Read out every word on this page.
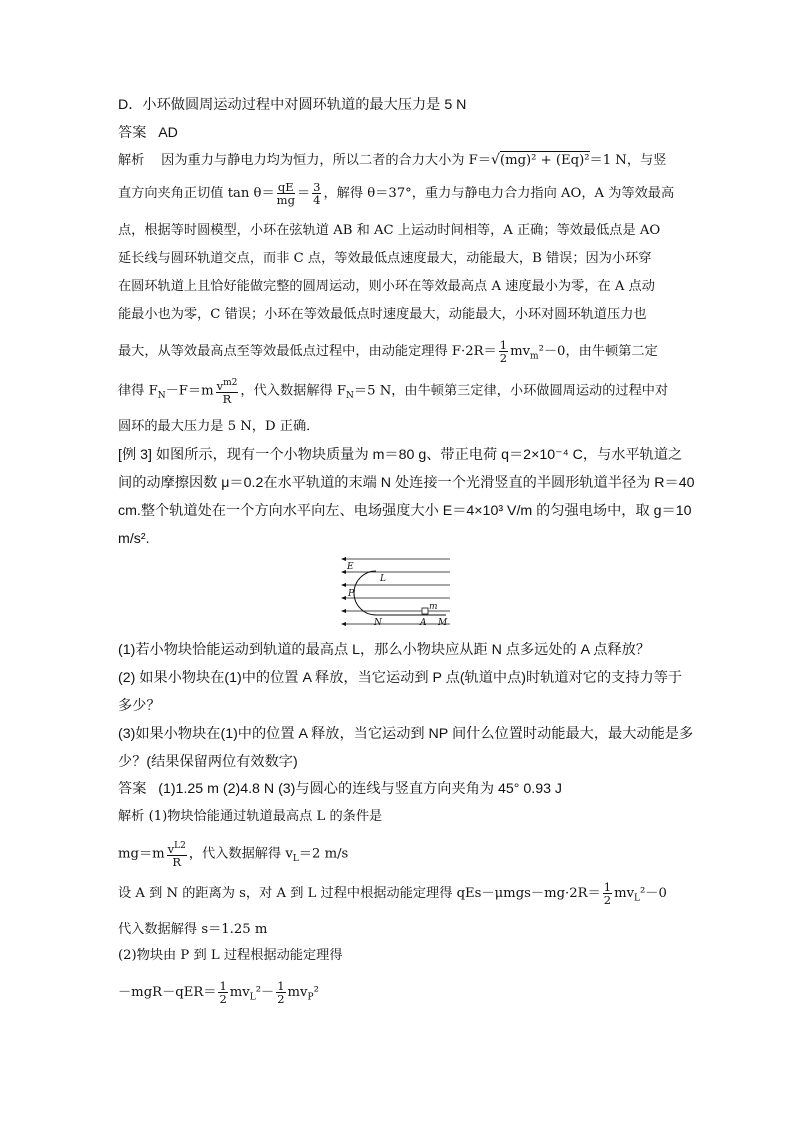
D．小环做圆周运动过程中对圆环轨道的最大压力是 5 N
答案 AD
解析 因为重力与静电力均为恒力，所以二者的合力大小为 F＝√(mg)² + (Eq)²＝1 N，与竖
直方向夹角正切值 $\tan \theta= \frac{qE}{mg} = \frac{3}{4}$ ，解得 θ＝37°，重力与静电力合力指向 AO，A 为等效最高
点，根据等时圆模型，小环在弦轨道 AB 和 AC 上运动时间相等，A 正确；等效最低点是 AO
延长线与圆环轨道交点，而非 C 点，等效最低点速度最大，动能最大，B 错误；因为小环穿
在圆环轨道上且恰好能做完整的圆周运动，则小环在等效最高点 A 速度最小为零，在 A 点动
能最小也为零，C 错误；小环在等效最低点时速度最大，动能最大，小环对圆环轨道压力也
最大，从等效最高点至等效最低点过程中，由动能定理得 $F\cdot 2R= \frac{1}{2} mv_m^2-0$，由牛顿第二定
律得 $F_N-F=m \frac{v^{m2}}{R}$ ，代入数据解得 $F_N=5$ N，由牛顿第三定律，小环做圆周运动的过程中对
圆环的最大压力是 5 N，D 正确．
[例 3] 如图所示，现有一个小物块质量为 m＝80 g、带正电荷 q＝2×10⁻⁴ C，与水平轨道之
间的动摩擦因数 μ＝0.2在水平轨道的末端 N 处连接一个光滑竖直的半圆形轨道半径为 R＝40
cm.整个轨道处在一个方向水平向左、电场强度大小 E＝4×10³ V/m 的匀强电场中，取 g＝10
m/s².
E
L
P
N	A M
m
(1)若小物块恰能运动到轨道的最高点 L，那么小物块应从距 N 点多远处的 A 点释放？
(2) 如果小物块在(1)中的位置 A 释放，当它运动到 P 点(轨道中点)时轨道对它的支持力等于
多少？
(3)如果小物块在(1)中的位置 A 释放，当它运动到 NP 间什么位置时动能最大，最大动能是多
少？(结果保留两位有效数字)
答案 (1)1.25 m (2)4.8 N (3)与圆心的连线与竖直方向夹角为 45° 0.93 J
解析 (1)物块恰能通过轨道最高点 L 的条件是
$mg=m \frac{v^{L2}}{R}$ ，代入数据解得 $v_L=2$ m/s
设 A 到 N 的距离为 s，对 A 到 L 过程中根据动能定理得 $qEs-\mu mgs-mg\cdot 2R= \frac{1}{2} mv_L^2-0$
代入数据解得 s＝1.25 m
(2)物块由 P 到 L 过程根据动能定理得
$-mgR-qER= \frac{1}{2} mv_L^2- \frac{1}{2} mv_P^2$
